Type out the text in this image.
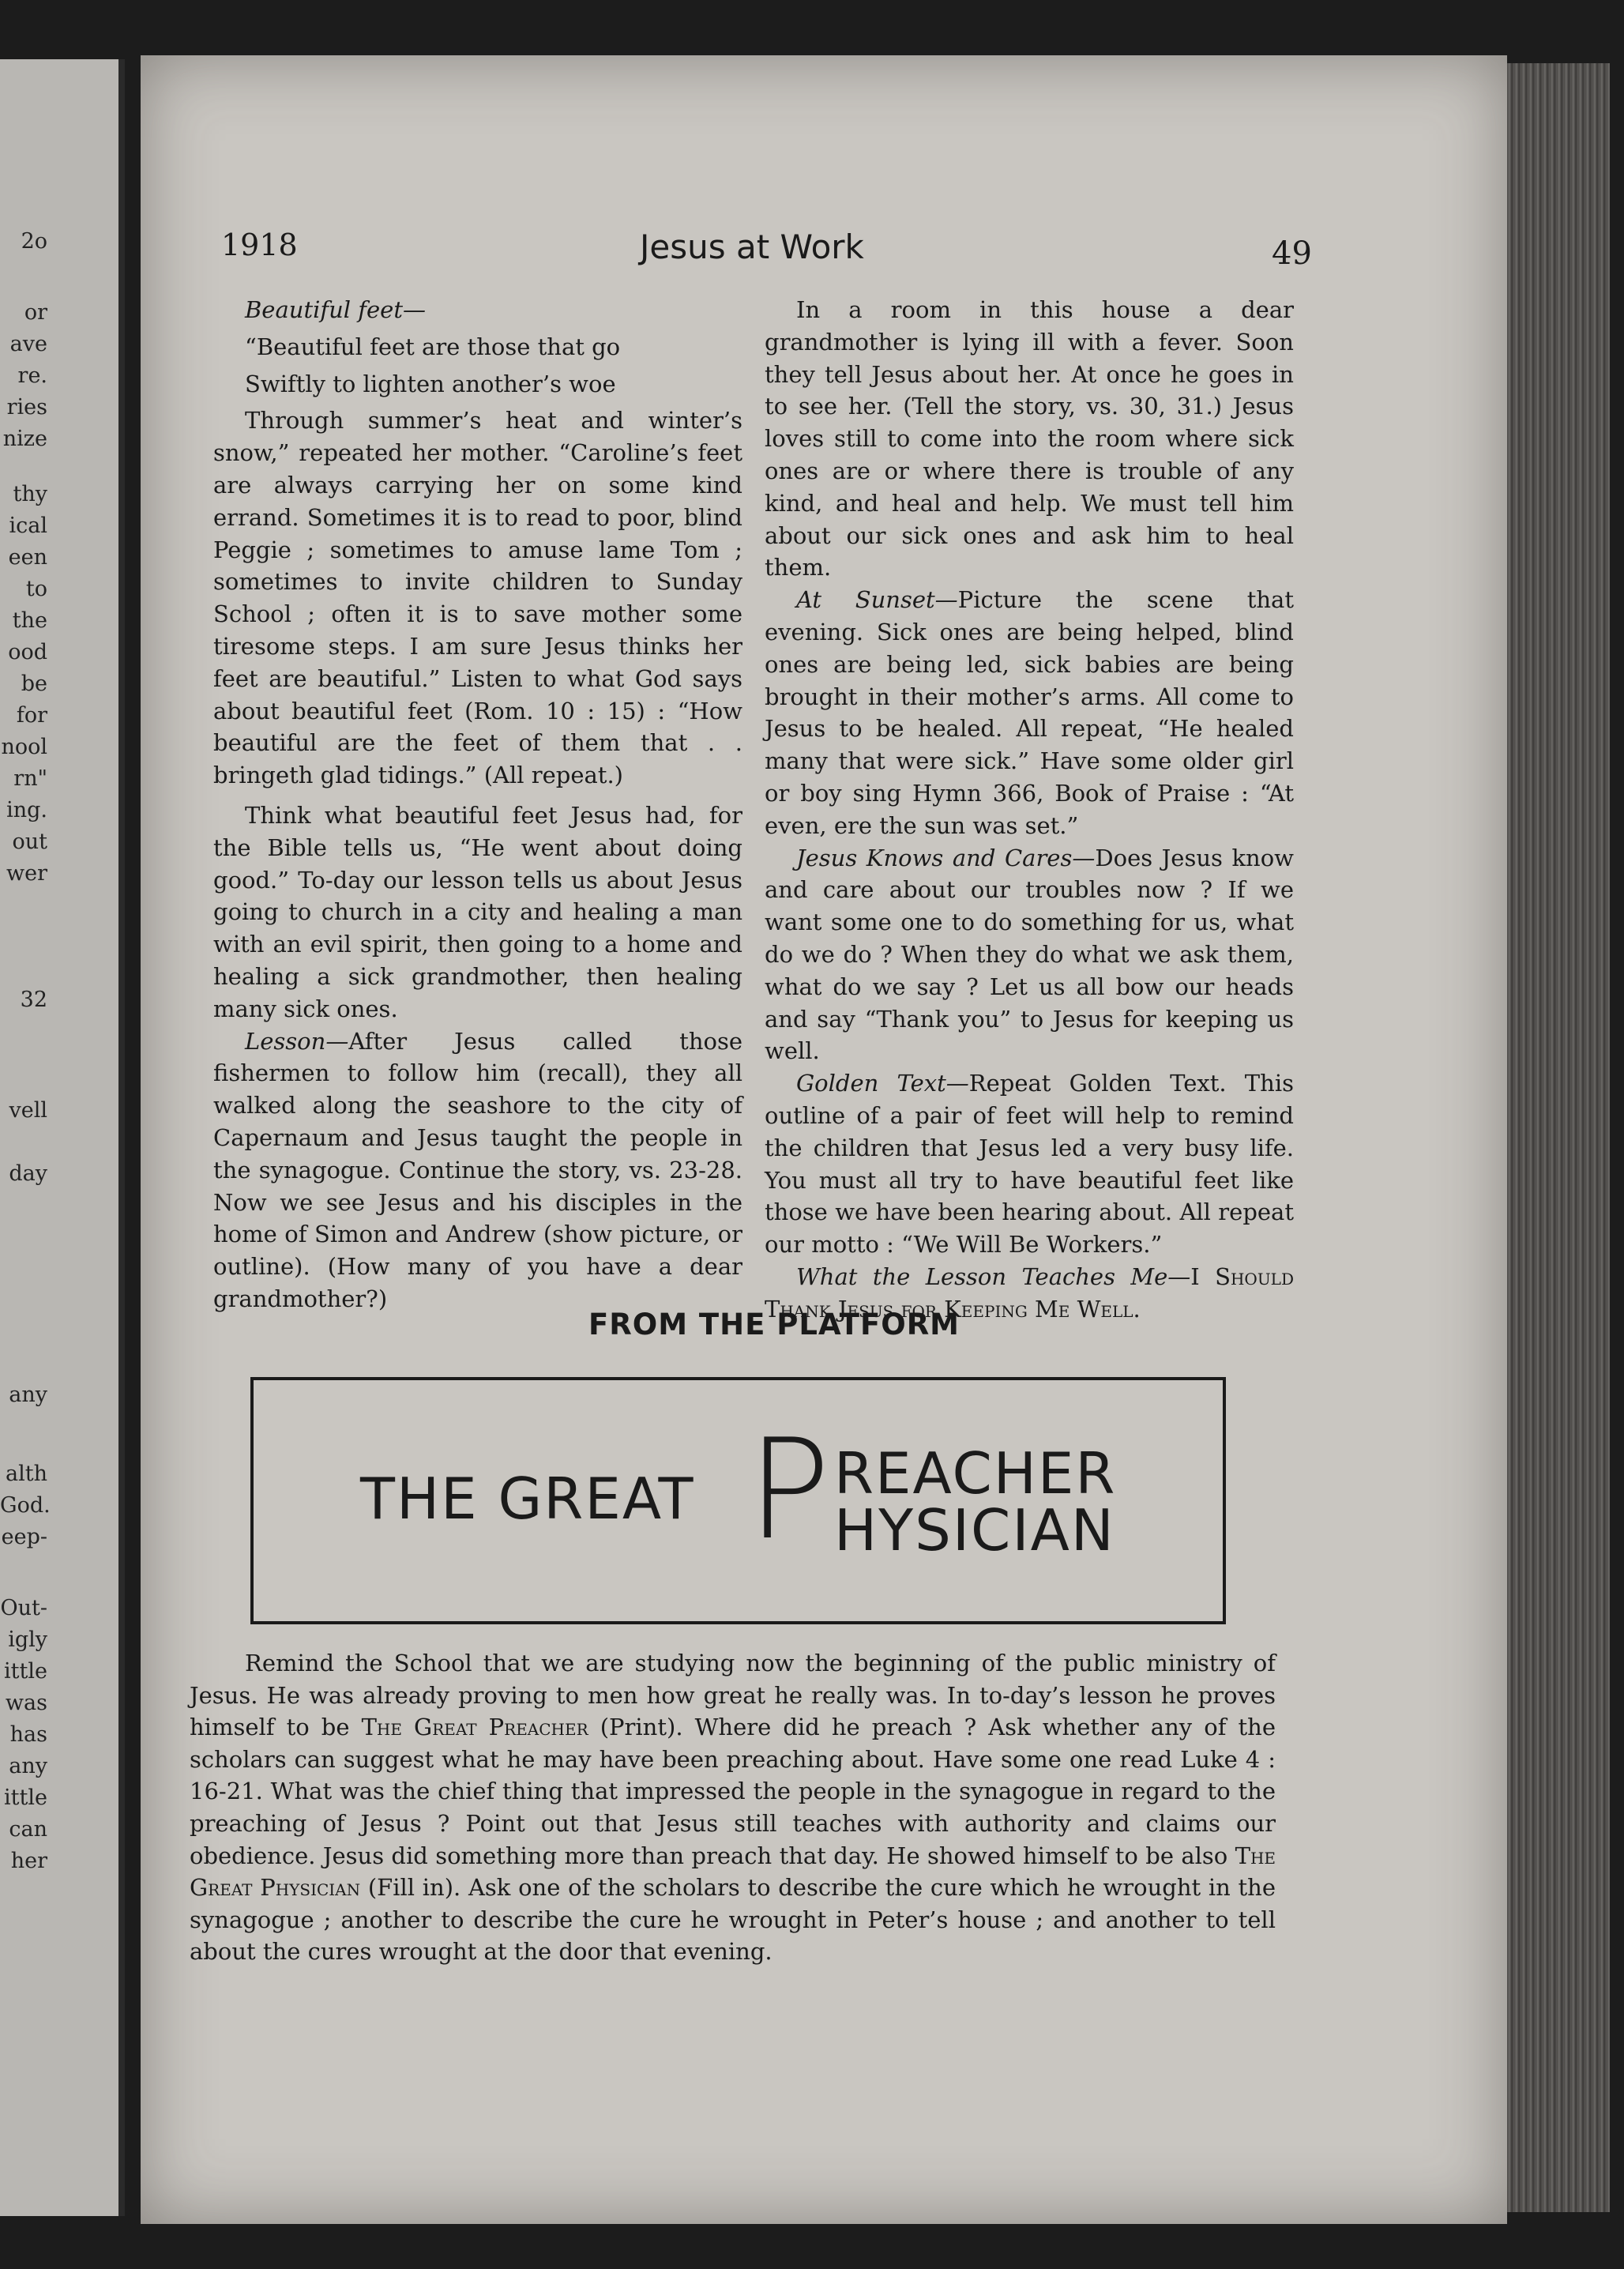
2o
or
ave
re.
ries
nize
thy
ical
een
to
the
ood
be
for
nool
rn"
ing.
out
wer
32
vell
day
any
alth
God.
eep-
Out-
igly
ittle
was
has
any
ittle
can
her
1918	Jesus at Work	49

Beautiful feet—

“Beautiful feet are those that go

Swiftly to lighten another’s woe

Through summer’s heat and winter’s snow,” repeated her mother. “Caroline’s feet are always carrying her on some kind errand. Sometimes it is to read to poor, blind Peggie ; sometimes to amuse lame Tom ; sometimes to invite children to Sunday School ; often it is to save mother some tiresome steps. I am sure Jesus thinks her feet are beautiful.” Listen to what God says about beautiful feet (Rom. 10 : 15) : “How beautiful are the feet of them that . . bringeth glad tidings.” (All repeat.)

Think what beautiful feet Jesus had, for the Bible tells us, “He went about doing good.” To-day our lesson tells us about Jesus going to church in a city and healing a man with an evil spirit, then going to a home and healing a sick grandmother, then healing many sick ones.

Lesson—After Jesus called those fishermen to follow him (recall), they all walked along the seashore to the city of Capernaum and Jesus taught the people in the synagogue. Continue the story, vs. 23-28. Now we see Jesus and his disciples in the home of Simon and Andrew (show picture, or outline). (How many of you have a dear grandmother?)

In a room in this house a dear grandmother is lying ill with a fever. Soon they tell Jesus about her. At once he goes in to see her. (Tell the story, vs. 30, 31.) Jesus loves still to come into the room where sick ones are or where there is trouble of any kind, and heal and help. We must tell him about our sick ones and ask him to heal them.

At Sunset—Picture the scene that evening. Sick ones are being helped, blind ones are being led, sick babies are being brought in their mother’s arms. All come to Jesus to be healed. All repeat, “He healed many that were sick.” Have some older girl or boy sing Hymn 366, Book of Praise : “At even, ere the sun was set.”

Jesus Knows and Cares—Does Jesus know and care about our troubles now ? If we want some one to do something for us, what do we do ? When they do what we ask them, what do we say ? Let us all bow our heads and say “Thank you” to Jesus for keeping us well.

Golden Text—Repeat Golden Text. This outline of a pair of feet will help to remind the children that Jesus led a very busy life. You must all try to have beautiful feet like those we have been hearing about. All repeat our motto : “We Will Be Workers.”

What the Lesson Teaches Me—I Should Thank Jesus for Keeping Me Well.

FROM THE PLATFORM
THE GREAT P REACHER
HYSICIAN

Remind the School that we are studying now the beginning of the public ministry of Jesus. He was already proving to men how great he really was. In to-day’s lesson he proves himself to be The Great Preacher (Print). Where did he preach ? Ask whether any of the scholars can suggest what he may have been preaching about. Have some one read Luke 4 : 16-21. What was the chief thing that impressed the people in the synagogue in regard to the preaching of Jesus ? Point out that Jesus still teaches with authority and claims our obedience. Jesus did something more than preach that day. He showed himself to be also The Great Physician (Fill in). Ask one of the scholars to describe the cure which he wrought in the synagogue ; another to describe the cure he wrought in Peter’s house ; and another to tell about the cures wrought at the door that evening.
